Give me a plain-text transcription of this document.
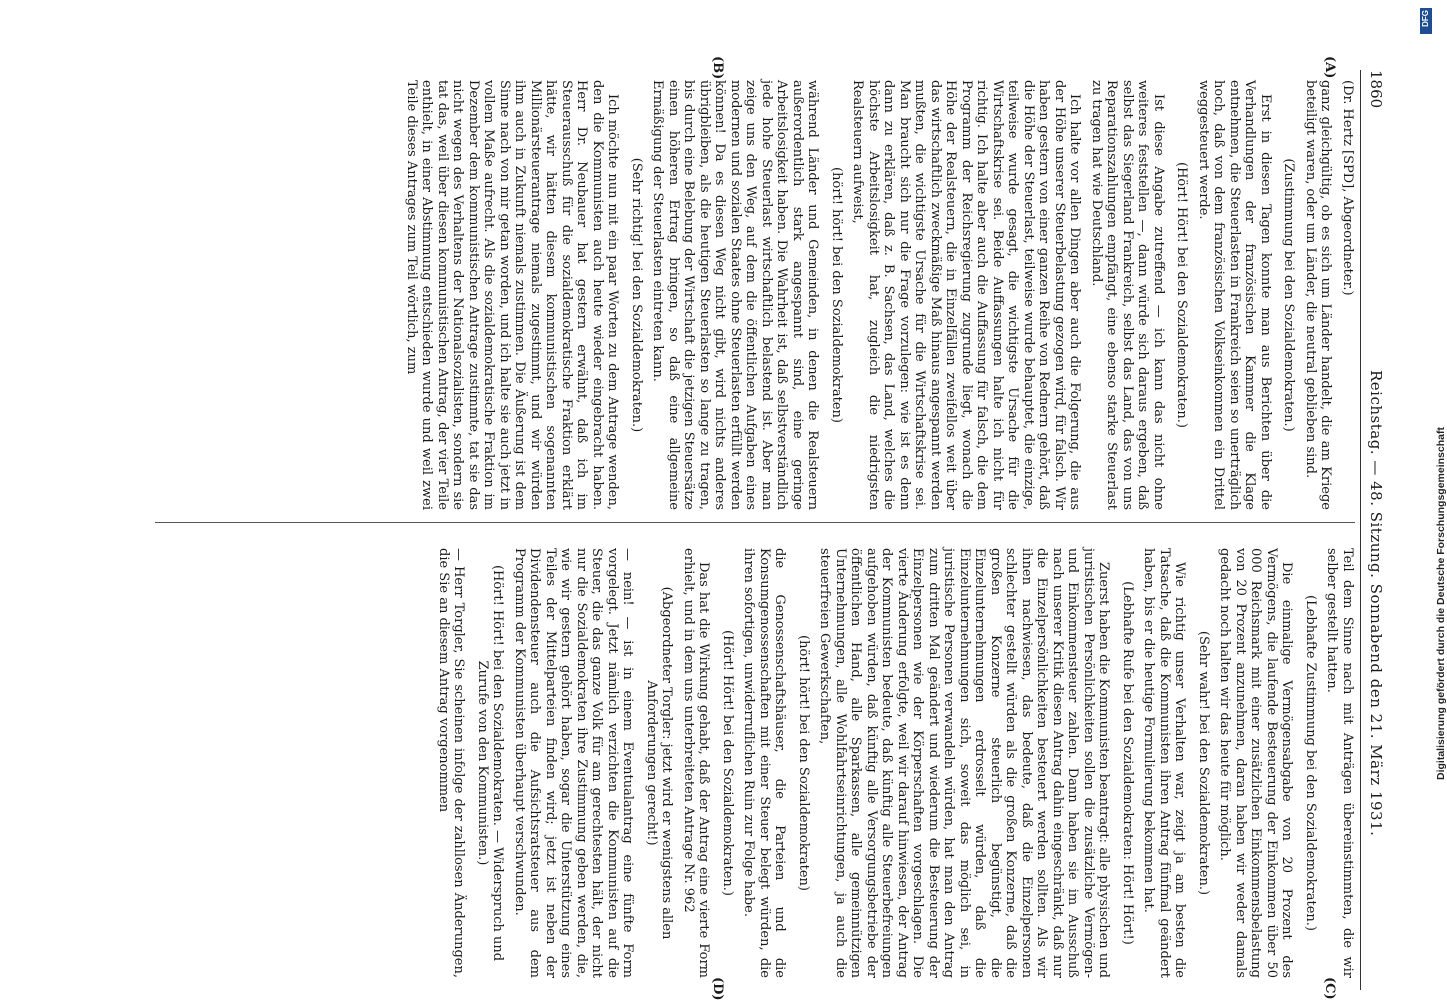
1860
Reichstag. — 48. Sitzung. Sonnabend den 21. März 1931.
(A)
(B)
(C)
(D)

(Dr. Hertz [SPD], Abgeordneter.)

ganz gleichgültig, ob es sich um Länder handelt, die am Kriege beteiligt waren, oder um Länder, die neutral geblieben sind.

(Zustimmung bei den Sozialdemokraten.)

Erst in diesen Tagen konnte man aus Berichten über die Verhandlungen der französischen Kammer die Klage entnehmen, die Steuerlasten in Frankreich seien so unerträglich hoch, daß von dem französischen Volkseinkommen ein Drittel weggesteuert werde.

(Hört! Hört! bei den Sozialdemokraten.)

Ist diese Angabe zutreffend — ich kann das nicht ohne weiteres feststellen —, dann würde sich daraus ergeben, daß selbst das Siegerland Frankreich, selbst das Land, das von uns Reparationszahlungen empfängt, eine ebenso starke Steuerlast zu tragen hat wie Deutschland.

Ich halte vor allen Dingen aber auch die Folgerung, die aus der Höhe unserer Steuerbelastung gezogen wird, für falsch. Wir haben gestern von einer ganzen Reihe von Rednern gehört, daß die Höhe der Steuerlast, teilweise wurde behauptet, die einzige, teilweise wurde gesagt, die wichtigste Ursache für die Wirtschaftskrise sei. Beide Auffassungen halte ich nicht für richtig. Ich halte aber auch die Auffassung für falsch, die dem Programm der Reichsregierung zugrunde liegt, wonach die Höhe der Realsteuern, die in Einzelfällen zweifellos weit über das wirtschaftlich zweckmäßige Maß hinaus angespannt werden mußten, die wichtigste Ursache für die Wirtschaftskrise sei. Man braucht sich nur die Frage vorzulegen: wie ist es denn dann zu erklären, daß z. B. Sachsen, das Land, welches die höchste Arbeitslosigkeit hat, zugleich die niedrigsten Realsteuern aufweist,

(hört! hört! bei den Sozialdemokraten)

während Länder und Gemeinden, in denen die Realsteuern außerordentlich stark angespannt sind, eine geringe Arbeitslosigkeit haben. Die Wahrheit ist, daß selbstverständlich jede hohe Steuerlast wirtschaftlich belastend ist. Aber man zeige uns den Weg, auf dem die öffentlichen Aufgaben eines modernen und sozialen Staates ohne Steuerlasten erfüllt werden können! Da es diesen Weg nicht gibt, wird nichts anderes übrigbleiben, als die heutigen Steuerlasten so lange zu tragen, bis durch eine Belebung der Wirtschaft die jetzigen Steuersätze einen höheren Ertrag bringen, so daß eine allgemeine Ermäßigung der Steuerlasten eintreten kann.

(Sehr richtig! bei den Sozialdemokraten.)

Ich möchte nun mit ein paar Worten zu dem Antrage wenden, den die Kommunisten auch heute wieder eingebracht haben. Herr Dr. Neubauer hat gestern erwähnt, daß ich im Steuerausschuß für die sozialdemokratische Fraktion erklärt hätte, wir hätten diesem kommunistischen sogenannten Millionärsteuerantrage niemals zugestimmt, und wir würden ihm auch in Zukunft niemals zustimmen. Die Äußerung ist dem Sinne nach von mir getan worden, und ich halte sie auch jetzt in vollem Maße aufrecht. Als die sozialdemokratische Fraktion im Dezember dem kommunistischen Antrage zustimmte, tat sie das nicht wegen des Verhaltens der Nationalsozialisten, sondern sie tat das, weil über diesen kommunistischen Antrag, der vier Teile enthielt, in einer Abstimmung entschieden wurde und weil zwei Teile dieses Antrages zum Teil wörtlich, zum

Teil dem Sinne nach mit Anträgen übereinstimmten, die wir selber gestellt hatten.

(Lebhafte Zustimmung bei den Sozialdemokraten.)

Die einmalige Vermögensabgabe von 20 Prozent des Vermögens, die laufende Besteuerung der Einkommen über 50 000 Reichsmark mit einer zusätzlichen Einkommensbelastung von 20 Prozent anzunehmen, daran haben wir weder damals gedacht noch halten wir das heute für möglich.

(Sehr wahr! bei den Sozialdemokraten.)

Wie richtig unser Verhalten war, zeigt ja am besten die Tatsache, daß die Kommunisten ihren Antrag fünfmal geändert haben, bis er die heutige Formulierung bekommen hat.

(Lebhafte Rufe bei den Sozialdemokraten: Hört! Hört!)

Zuerst haben die Kommunisten beantragt: alle physischen und juristischen Persönlichkeiten sollen die zusätzliche Vermögen- und Einkommensteuer zahlen. Dann haben sie im Ausschuß nach unserer Kritik diesen Antrag dahin eingeschränkt, daß nur die Einzelpersönlichkeiten besteuert werden sollten. Als wir ihnen nachwiesen, das bedeute, daß die Einzelpersonen schlechter gestellt würden als die großen Konzerne, daß die großen Konzerne steuerlich begünstigt, die Einzelunternehmungen erdrosselt würden, daß die Einzelunternehmungen sich, soweit das möglich sei, in juristische Personen verwandeln würden, hat man den Antrag zum dritten Mal geändert und wiederum die Besteuerung der Einzelpersonen wie der Körperschaften vorgeschlagen. Die vierte Änderung erfolgte, weil wir darauf hinwiesen, der Antrag der Kommunisten bedeute, daß künftig alle Steuerbefreiungen aufgehoben würden, daß künftig alle Versorgungsbetriebe der öffentlichen Hand, alle Sparkassen, alle gemeinnützigen Unternehmungen, alle Wohlfahrtseinrichtungen, ja auch die steuerfreien Gewerkschaften,

(hört! hört! bei den Sozialdemokraten)

die Genossenschaftshäuser, die Parteien und die Konsumgenossenschaften mit einer Steuer belegt würden, die ihren sofortigen, unwiderruflichen Ruin zur Folge habe.

(Hört! Hört! bei den Sozialdemokraten.)

Das hat die Wirkung gehabt, daß der Antrag eine vierte Form erhielt, und in dem uns unterbreiteten Antrage Nr. 962

(Abgeordneter Torgler: jetzt wird er wenigstens allen Anforderungen gerecht!)

— nein! — ist in einem Eventualantrag eine fünfte Form vorgelegt. Jetzt nämlich verzichten die Kommunisten auf die Steuer, die das ganze Volk für am gerechtesten hält, der nicht nur die Sozialdemokraten ihre Zustimmung geben werden, die, wie wir gestern gehört haben, sogar die Unterstützung eines Teiles der Mittelparteien finden wird; jetzt ist neben der Dividendensteuer auch die Aufsichtsratsteuer aus dem Programm der Kommunisten überhaupt verschwunden.

(Hört! Hört! bei den Sozialdemokraten. — Widerspruch und Zurufe von den Kommunisten.)

— Herr Torgler, Sie scheinen infolge der zahllosen Änderungen, die Sie an diesem Antrag vorgenommen

DFG
Digitalisierung gefördert durch die Deutsche Forschungsgemeinschaft
